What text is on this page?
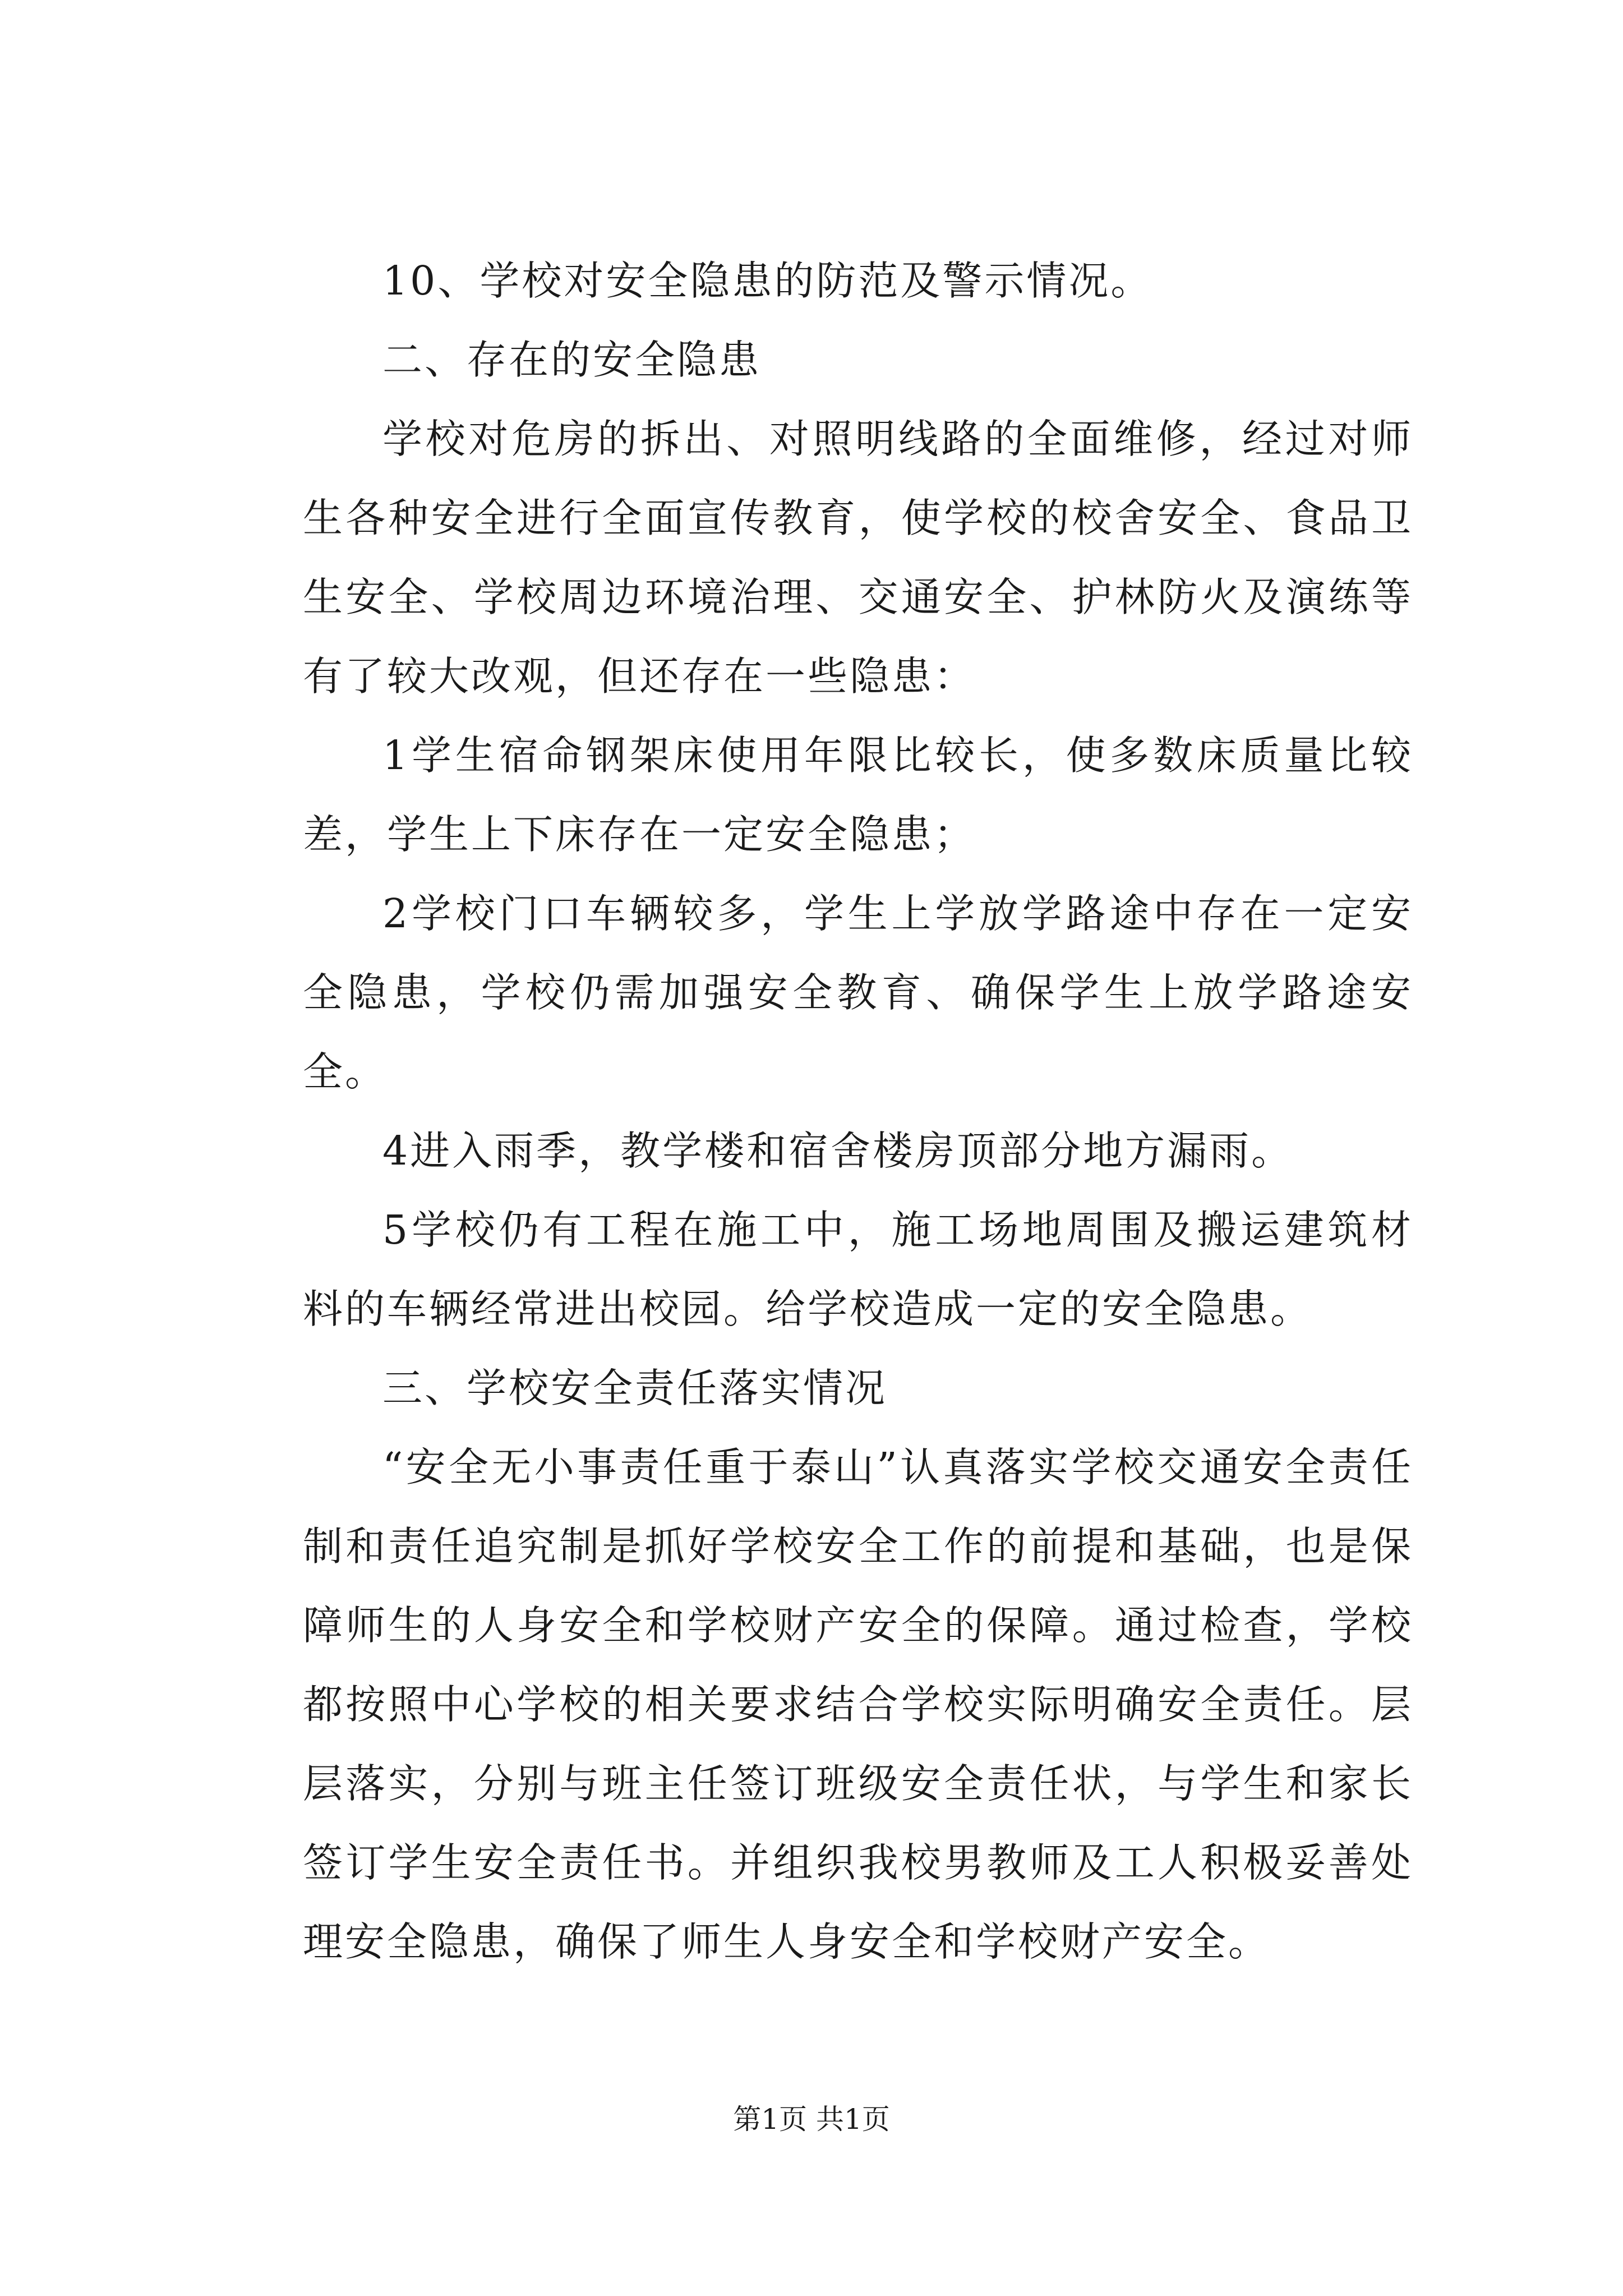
10、学校对安全隐患的防范及警示情况。

二、存在的安全隐患

学校对危房的拆出、对照明线路的全面维修，经过对师生各种安全进行全面宣传教育，使学校的校舍安全、食品卫生安全、学校周边环境治理、交通安全、护林防火及演练等有了较大改观，但还存在一些隐患：

1学生宿命钢架床使用年限比较长，使多数床质量比较差，学生上下床存在一定安全隐患；

2学校门口车辆较多，学生上学放学路途中存在一定安全隐患，学校仍需加强安全教育、确保学生上放学路途安全。

4进入雨季，教学楼和宿舍楼房顶部分地方漏雨。

5学校仍有工程在施工中，施工场地周围及搬运建筑材料的车辆经常进出校园。给学校造成一定的安全隐患。

三、学校安全责任落实情况

“安全无小事责任重于泰山”认真落实学校交通安全责任制和责任追究制是抓好学校安全工作的前提和基础，也是保障师生的人身安全和学校财产安全的保障。通过检查，学校都按照中心学校的相关要求结合学校实际明确安全责任。层层落实，分别与班主任签订班级安全责任状，与学生和家长签订学生安全责任书。并组织我校男教师及工人积极妥善处理安全隐患，确保了师生人身安全和学校财产安全。

第1页 共1页
